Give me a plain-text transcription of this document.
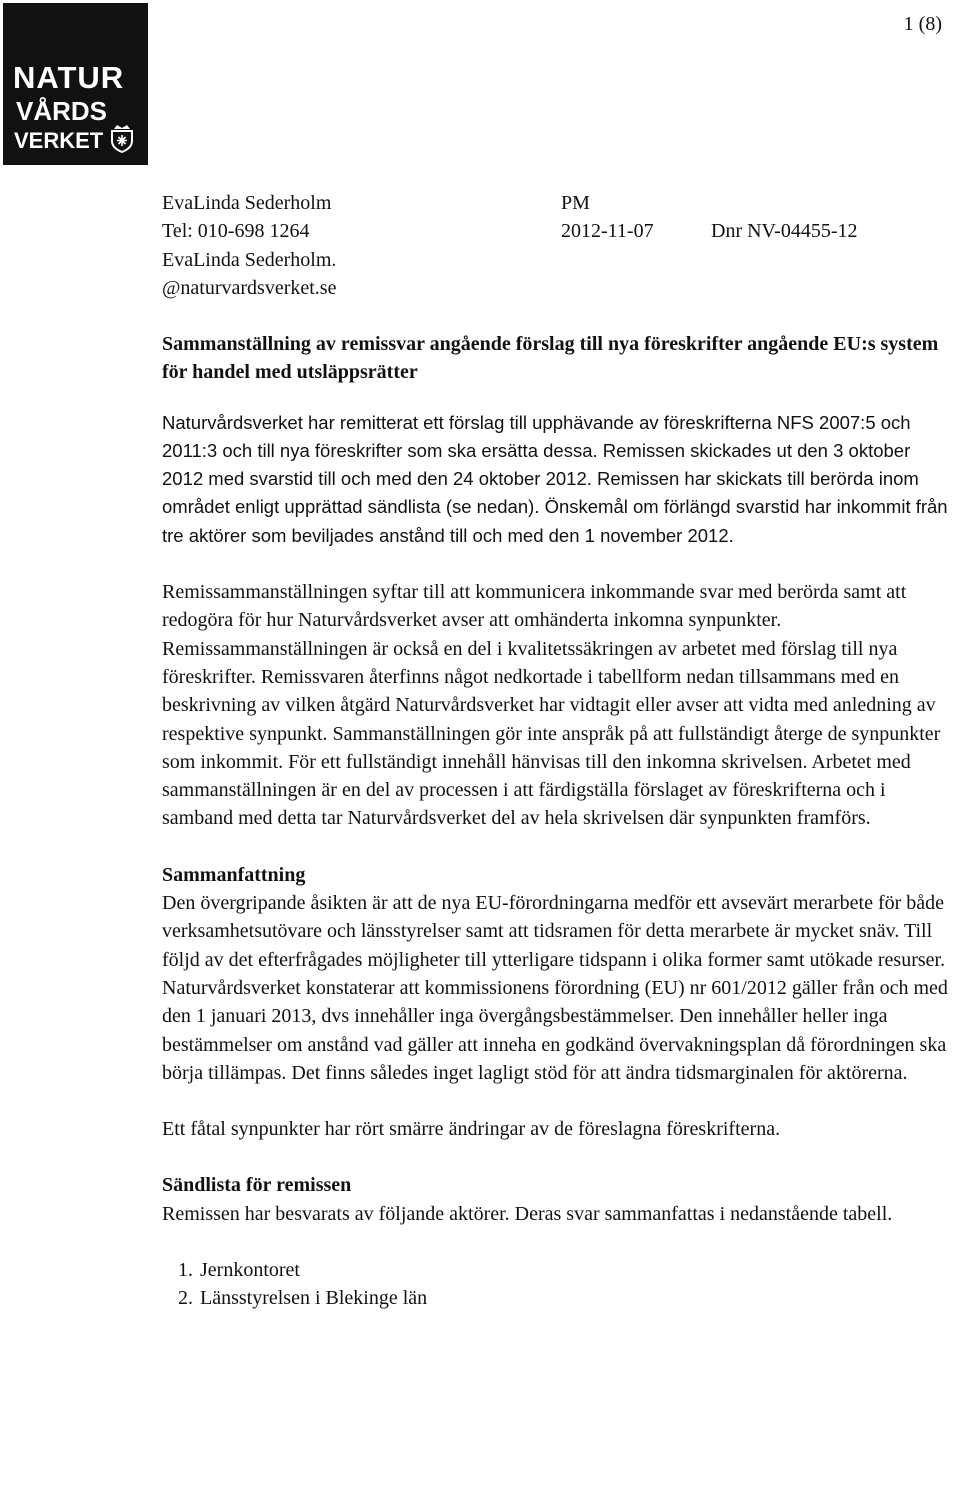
1 (8)
NATUR
VÅRDS
VERKET
EvaLinda Sederholm
Tel: 010-698 1264
EvaLinda Sederholm.
@naturvardsverket.se
PM
2012-11-07	Dnr NV-04455-12
Sammanställning av remissvar angående förslag till nya föreskrifter angående EU:s system för handel med utsläppsrätter

Naturvårdsverket har remitterat ett förslag till upphävande av föreskrifterna NFS 2007:5 och 2011:3 och till nya föreskrifter som ska ersätta dessa. Remissen skickades ut den 3 oktober 2012 med svarstid till och med den 24 oktober 2012. Remissen har skickats till berörda inom området enligt upprättad sändlista (se nedan). Önskemål om förlängd svarstid har inkommit från tre aktörer som beviljades anstånd till och med den 1 november 2012.

Remissammanställningen syftar till att kommunicera inkommande svar med berörda samt att redogöra för hur Naturvårdsverket avser att omhänderta inkomna synpunkter. Remissammanställningen är också en del i kvalitetssäkringen av arbetet med förslag till nya föreskrifter. Remissvaren återfinns något nedkortade i tabellform nedan tillsammans med en beskrivning av vilken åtgärd Naturvårdsverket har vidtagit eller avser att vidta med anledning av respektive synpunkt. Sammanställningen gör inte anspråk på att fullständigt återge de synpunkter som inkommit. För ett fullständigt innehåll hänvisas till den inkomna skrivelsen. Arbetet med sammanställningen är en del av processen i att färdigställa förslaget av föreskrifterna och i samband med detta tar Naturvårdsverket del av hela skrivelsen där synpunkten framförs.

Sammanfattning

Den övergripande åsikten är att de nya EU-förordningarna medför ett avsevärt merarbete för både verksamhetsutövare och länsstyrelser samt att tidsramen för detta merarbete är mycket snäv. Till följd av det efterfrågades möjligheter till ytterligare tidspann i olika former samt utökade resurser. Naturvårdsverket konstaterar att kommissionens förordning (EU) nr 601/2012 gäller från och med den 1 januari 2013, dvs innehåller inga övergångsbestämmelser. Den innehåller heller inga bestämmelser om anstånd vad gäller att inneha en godkänd övervakningsplan då förordningen ska börja tillämpas. Det finns således inget lagligt stöd för att ändra tidsmarginalen för aktörerna.

Ett fåtal synpunkter har rört smärre ändringar av de föreslagna föreskrifterna.

Sändlista för remissen

Remissen har besvarats av följande aktörer. Deras svar sammanfattas i nedanstående tabell.

1. Jernkontoret
2. Länsstyrelsen i Blekinge län
